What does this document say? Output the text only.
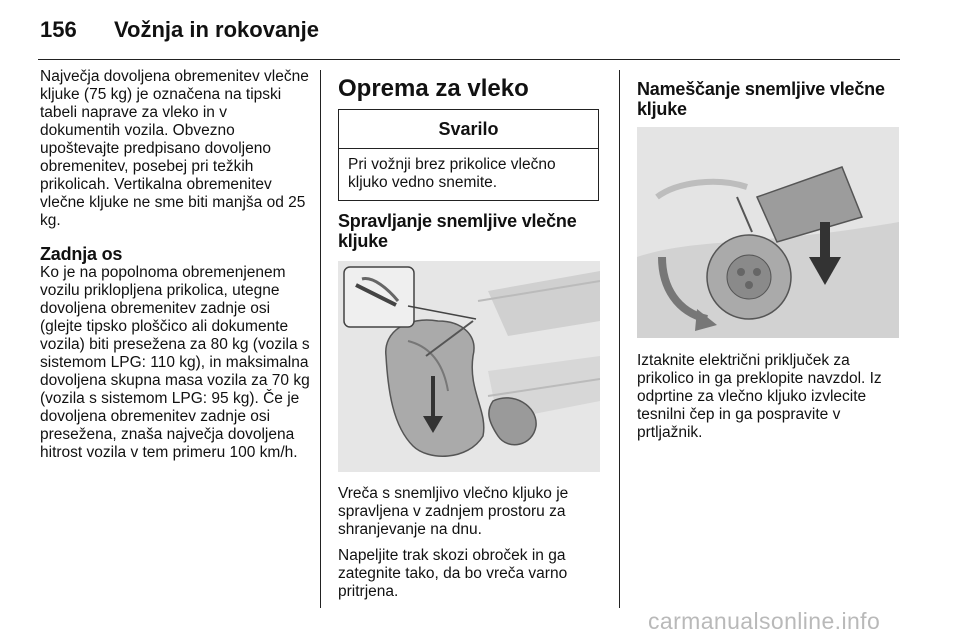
156 Vožnja in rokovanje

Največja dovoljena obremenitev vlečne kljuke (75 kg) je označena na tipski tabeli naprave za vleko in v dokumentih vozila. Obvezno upoštevajte predpisano dovoljeno obremenitev, posebej pri težkih prikolicah. Vertikalna obremenitev vlečne kljuke ne sme biti manjša od 25 kg.

Zadnja os

Ko je na popolnoma obremenjenem vozilu priklopljena prikolica, utegne dovoljena obremenitev zadnje osi (glejte tipsko ploščico ali dokumente vozila) biti presežena za 80 kg (vozila s sistemom LPG: 110 kg), in maksimalna dovoljena skupna masa vozila za 70 kg (vozila s sistemom LPG: 95 kg). Če je dovoljena obremenitev zadnje osi presežena, znaša največja dovoljena hitrost vozila v tem primeru 100 km/h.

Oprema za vleko
Svarilo

Pri vožnji brez prikolice vlečno kljuko vedno snemite.

Spravljanje snemljive vlečne kljuke

Vreča s snemljivo vlečno kljuko je spravljena v zadnjem prostoru za shranjevanje na dnu.

Napeljite trak skozi obroček in ga zategnite tako, da bo vreča varno pritrjena.

Nameščanje snemljive vlečne kljuke

Iztaknite električni priključek za prikolico in ga preklopite navzdol. Iz odprtine za vlečno kljuko izvlecite tesnilni čep in ga pospravite v prtljažnik.

carmanualsonline.info
